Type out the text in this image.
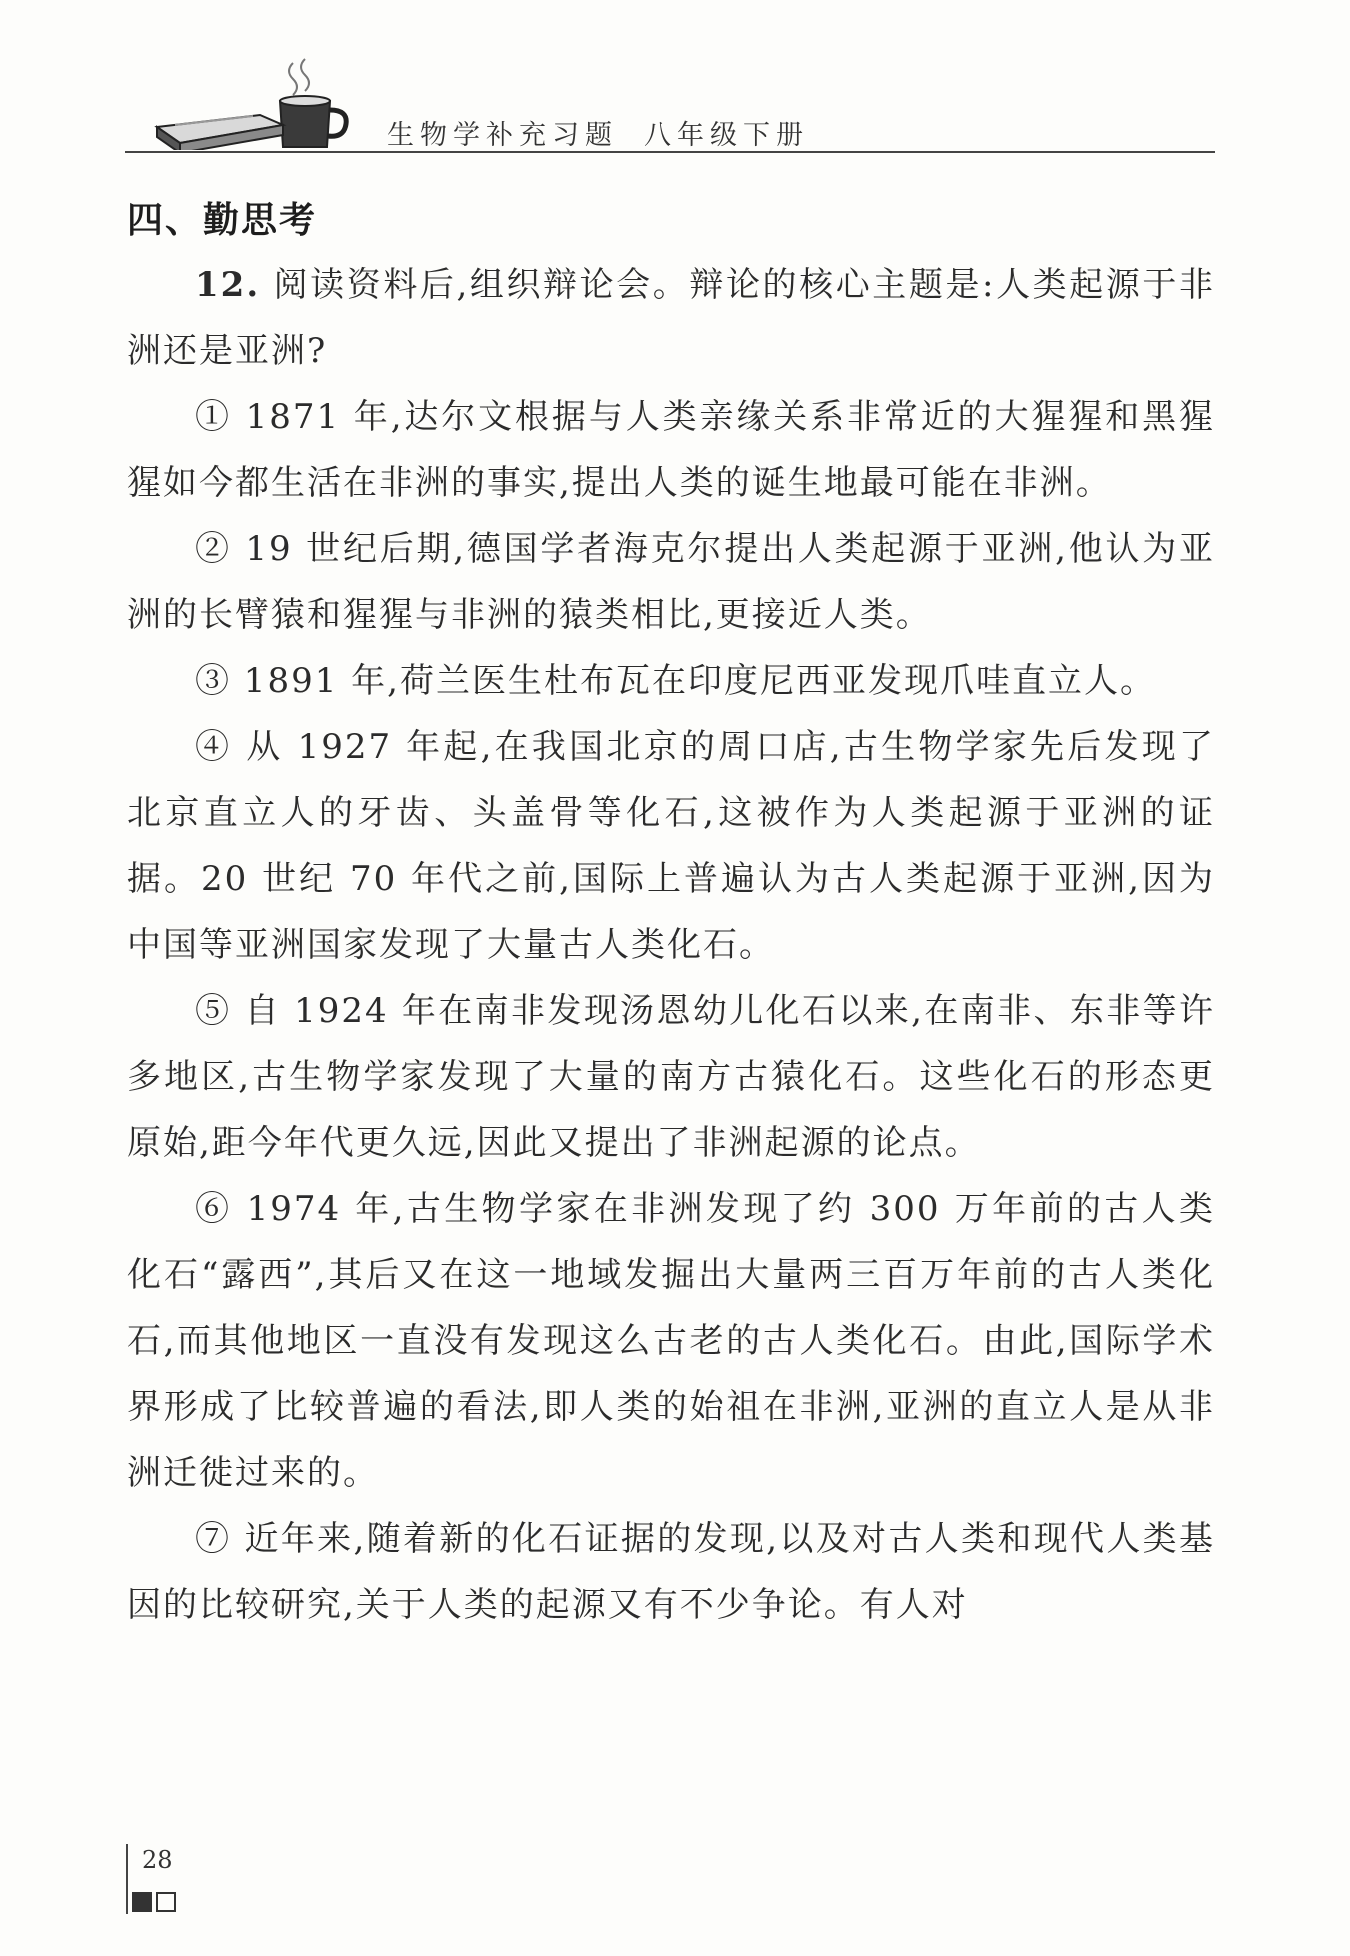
生物学补充习题 八年级下册
四、勤思考

12. 阅读资料后,组织辩论会。辩论的核心主题是:人类起源于非洲还是亚洲?

① 1871 年,达尔文根据与人类亲缘关系非常近的大猩猩和黑猩猩如今都生活在非洲的事实,提出人类的诞生地最可能在非洲。

② 19 世纪后期,德国学者海克尔提出人类起源于亚洲,他认为亚洲的长臂猿和猩猩与非洲的猿类相比,更接近人类。

③ 1891 年,荷兰医生杜布瓦在印度尼西亚发现爪哇直立人。

④ 从 1927 年起,在我国北京的周口店,古生物学家先后发现了北京直立人的牙齿、头盖骨等化石,这被作为人类起源于亚洲的证据。20 世纪 70 年代之前,国际上普遍认为古人类起源于亚洲,因为中国等亚洲国家发现了大量古人类化石。

⑤ 自 1924 年在南非发现汤恩幼儿化石以来,在南非、东非等许多地区,古生物学家发现了大量的南方古猿化石。这些化石的形态更原始,距今年代更久远,因此又提出了非洲起源的论点。

⑥ 1974 年,古生物学家在非洲发现了约 300 万年前的古人类化石“露西”,其后又在这一地域发掘出大量两三百万年前的古人类化石,而其他地区一直没有发现这么古老的古人类化石。由此,国际学术界形成了比较普遍的看法,即人类的始祖在非洲,亚洲的直立人是从非洲迁徙过来的。

⑦ 近年来,随着新的化石证据的发现,以及对古人类和现代人类基因的比较研究,关于人类的起源又有不少争论。有人对

28
